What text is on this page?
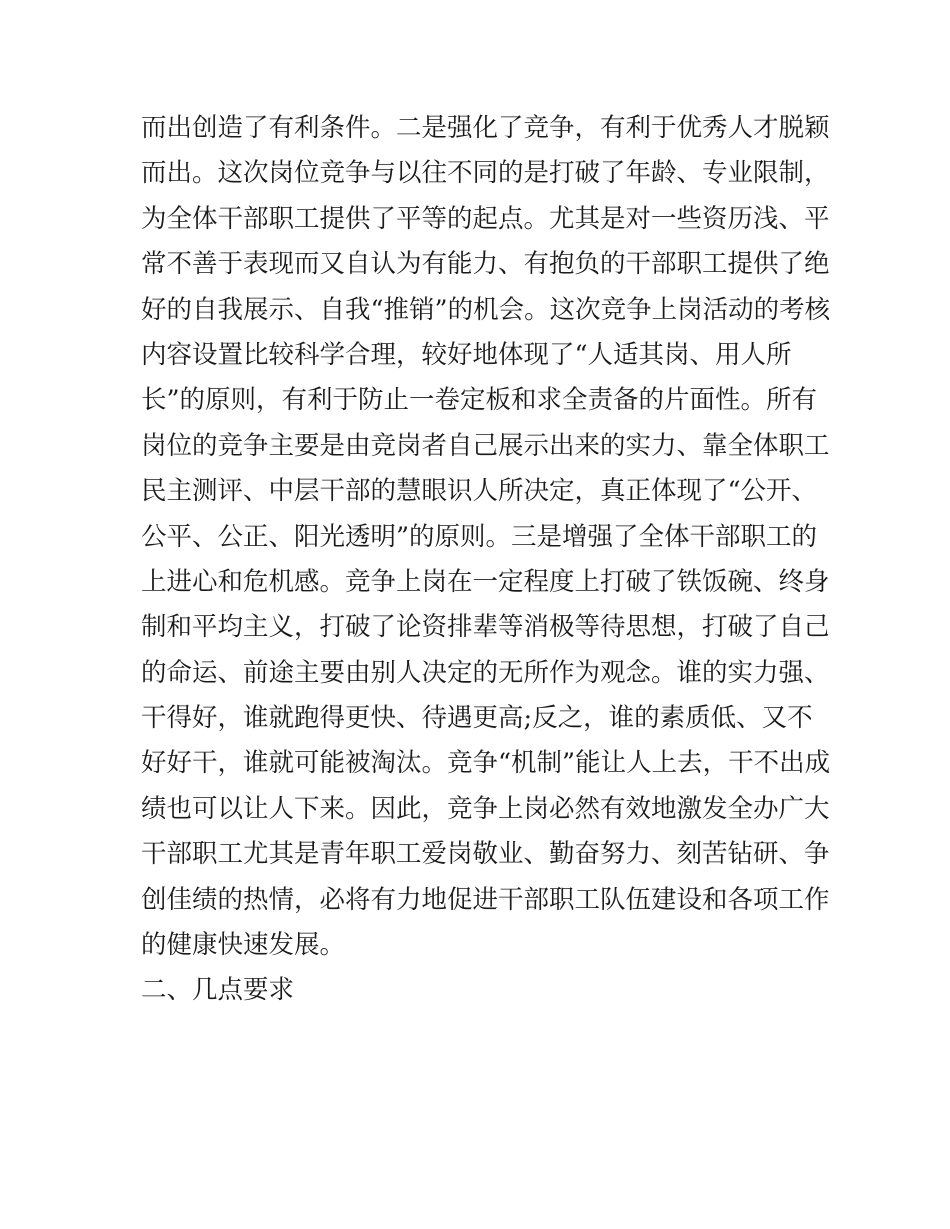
而出创造了有利条件。二是强化了竞争，有利于优秀人才脱颖
而出。这次岗位竞争与以往不同的是打破了年龄、专业限制，
为全体干部职工提供了平等的起点。尤其是对一些资历浅、平
常不善于表现而又自认为有能力、有抱负的干部职工提供了绝
好的自我展示、自我“推销”的机会。这次竞争上岗活动的考核
内容设置比较科学合理，较好地体现了“人适其岗、用人所
长”的原则，有利于防止一卷定板和求全责备的片面性。所有
岗位的竞争主要是由竞岗者自己展示出来的实力、靠全体职工
民主测评、中层干部的慧眼识人所决定，真正体现了“公开、
公平、公正、阳光透明”的原则。三是增强了全体干部职工的
上进心和危机感。竞争上岗在一定程度上打破了铁饭碗、终身
制和平均主义，打破了论资排辈等消极等待思想，打破了自己
的命运、前途主要由别人决定的无所作为观念。谁的实力强、
干得好，谁就跑得更快、待遇更高;反之，谁的素质低、又不
好好干，谁就可能被淘汰。竞争“机制”能让人上去，干不出成
绩也可以让人下来。因此，竞争上岗必然有效地激发全办广大
干部职工尤其是青年职工爱岗敬业、勤奋努力、刻苦钻研、争
创佳绩的热情，必将有力地促进干部职工队伍建设和各项工作
的健康快速发展。
二、几点要求
